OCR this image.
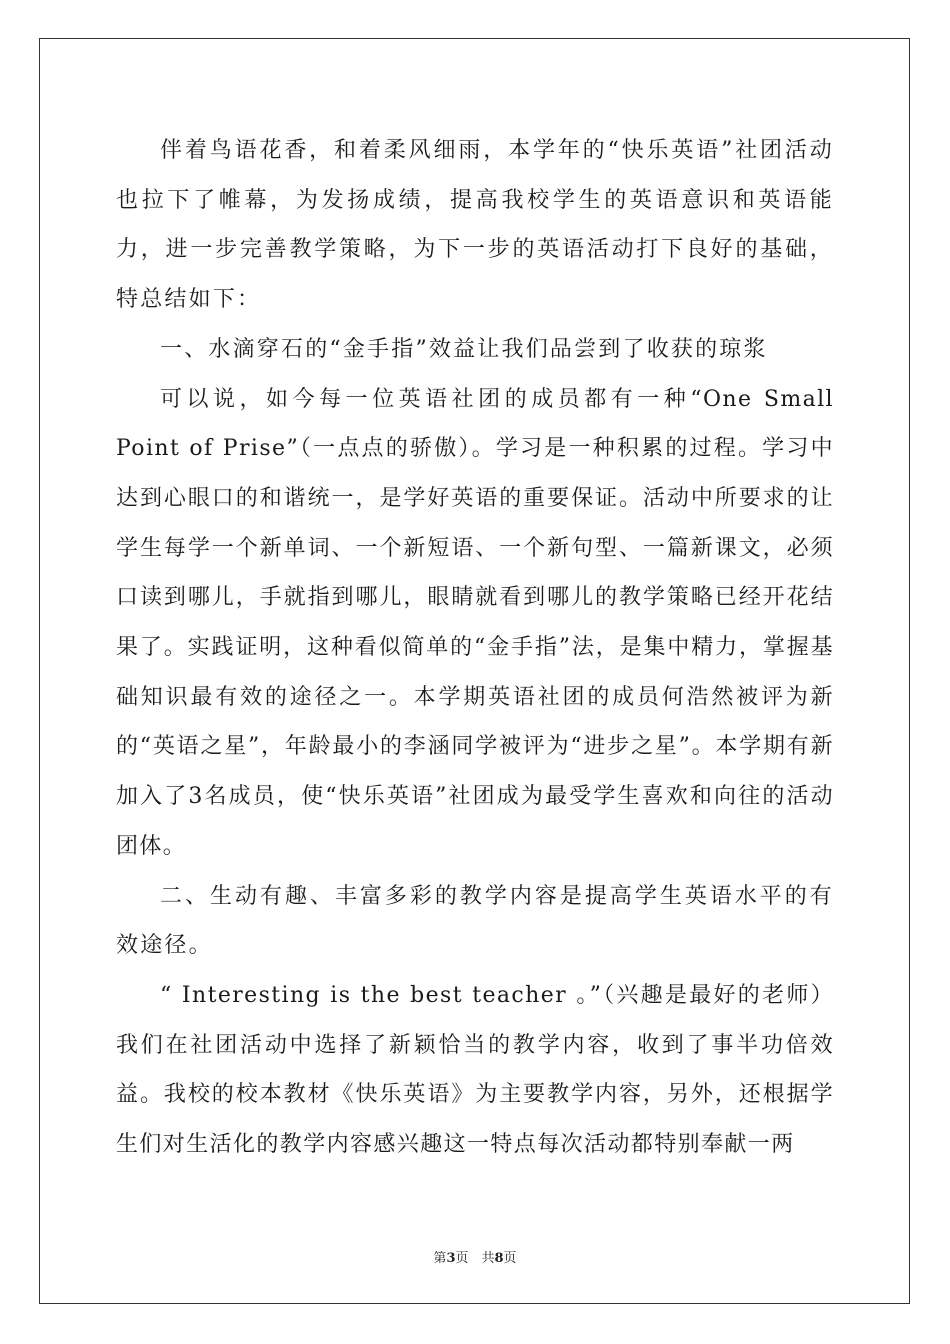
伴着鸟语花香，和着柔风细雨，本学年的“快乐英语”社团活动也拉下了帷幕，为发扬成绩，提高我校学生的英语意识和英语能力，进一步完善教学策略，为下一步的英语活动打下良好的基础，特总结如下：

一、水滴穿石的“金手指”效益让我们品尝到了收获的琼浆

可以说，如今每一位英语社团的成员都有一种“One Small Point of Prise”（一点点的骄傲）。学习是一种积累的过程。学习中达到心眼口的和谐统一，是学好英语的重要保证。活动中所要求的让学生每学一个新单词、一个新短语、一个新句型、一篇新课文，必须口读到哪儿，手就指到哪儿，眼睛就看到哪儿的教学策略已经开花结果了。实践证明，这种看似简单的“金手指”法，是集中精力，掌握基础知识最有效的途径之一。本学期英语社团的成员何浩然被评为新的“英语之星”，年龄最小的李涵同学被评为“进步之星”。本学期有新加入了3名成员，使“快乐英语”社团成为最受学生喜欢和向往的活动团体。

二、生动有趣、丰富多彩的教学内容是提高学生英语水平的有效途径。

“ Interesting is the best teacher 。”（兴趣是最好的老师）我们在社团活动中选择了新颖恰当的教学内容，收到了事半功倍效益。我校的校本教材《快乐英语》为主要教学内容，另外，还根据学生们对生活化的教学内容感兴趣这一特点每次活动都特别奉献一两

第3页　共8页
